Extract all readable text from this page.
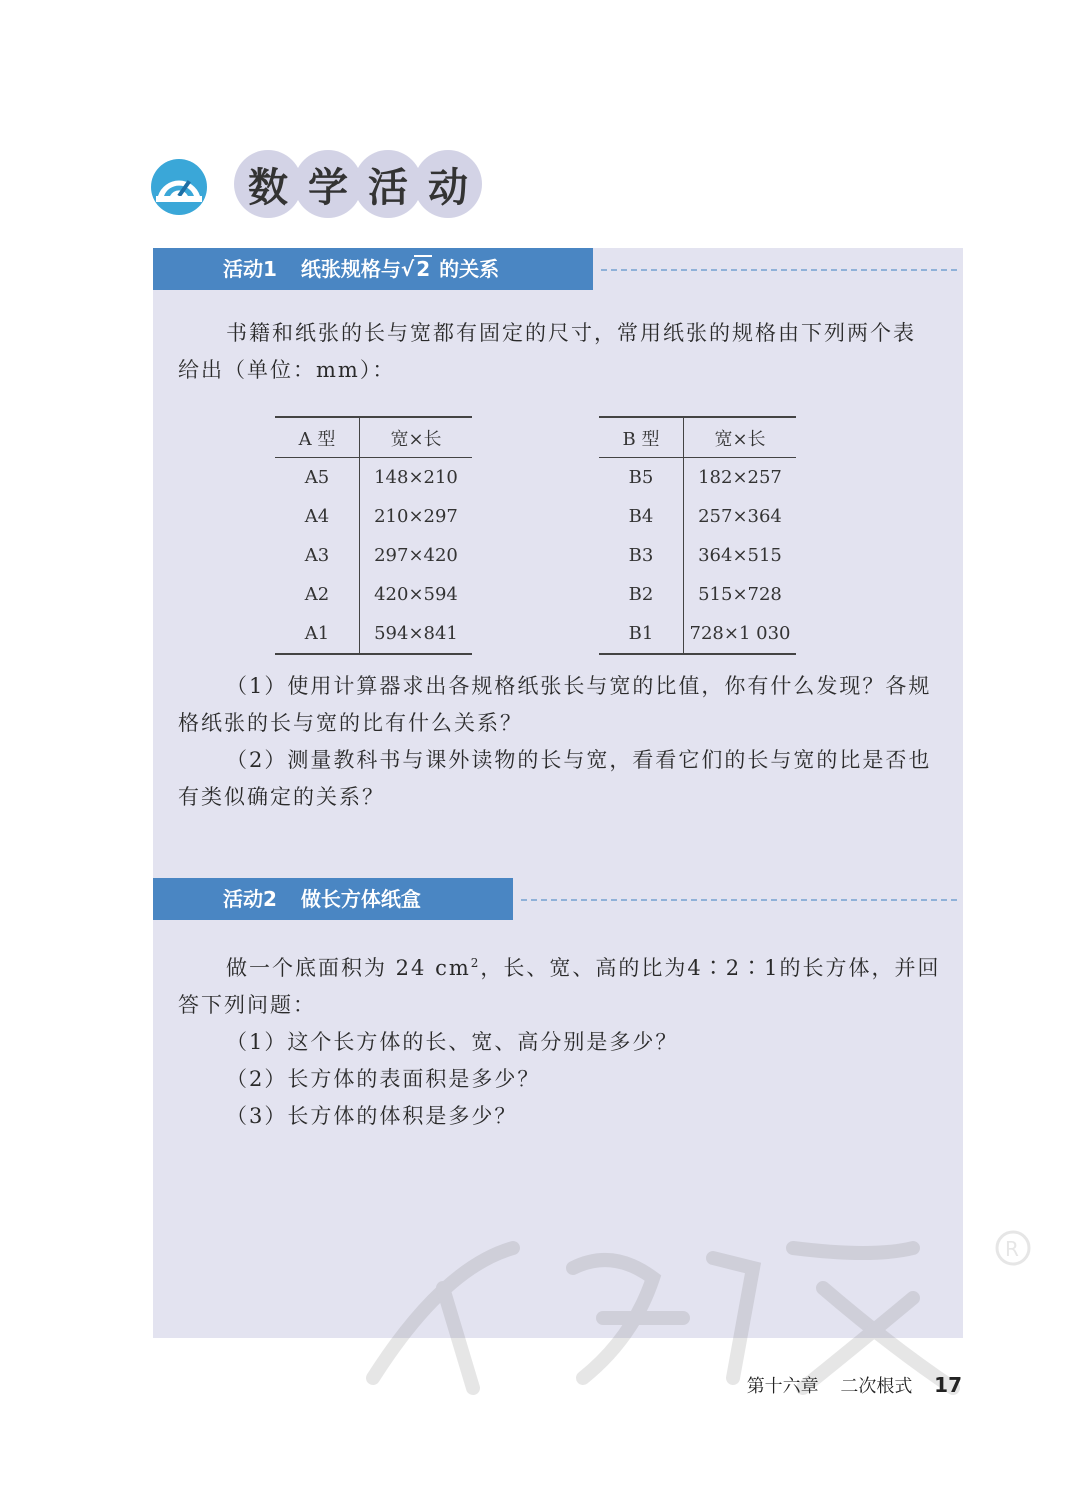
数 学 活 动
活动1 纸张规格与√ 2 的关系
书籍和纸张的长与宽都有固定的尺寸，常用纸张的规格由下列两个表
给出（单位：mm）：
A 型	宽×长
A5	148×210
A4	210×297
A3	297×420
A2	420×594
A1	594×841
B 型	宽×长
B5	182×257
B4	257×364
B3	364×515
B2	515×728
B1	728×1 030
（1）使用计算器求出各规格纸张长与宽的比值，你有什么发现？各规
格纸张的长与宽的比有什么关系？
（2）测量教科书与课外读物的长与宽，看看它们的长与宽的比是否也
有类似确定的关系？
活动2 做长方体纸盒
R
做一个底面积为 24 $cm^2$，长、宽、高的比为4∶2∶1的长方体，并回
答下列问题：
（1）这个长方体的长、宽、高分别是多少？
（2）长方体的表面积是多少？
（3）长方体的体积是多少？
第十六章 二次根式 17
